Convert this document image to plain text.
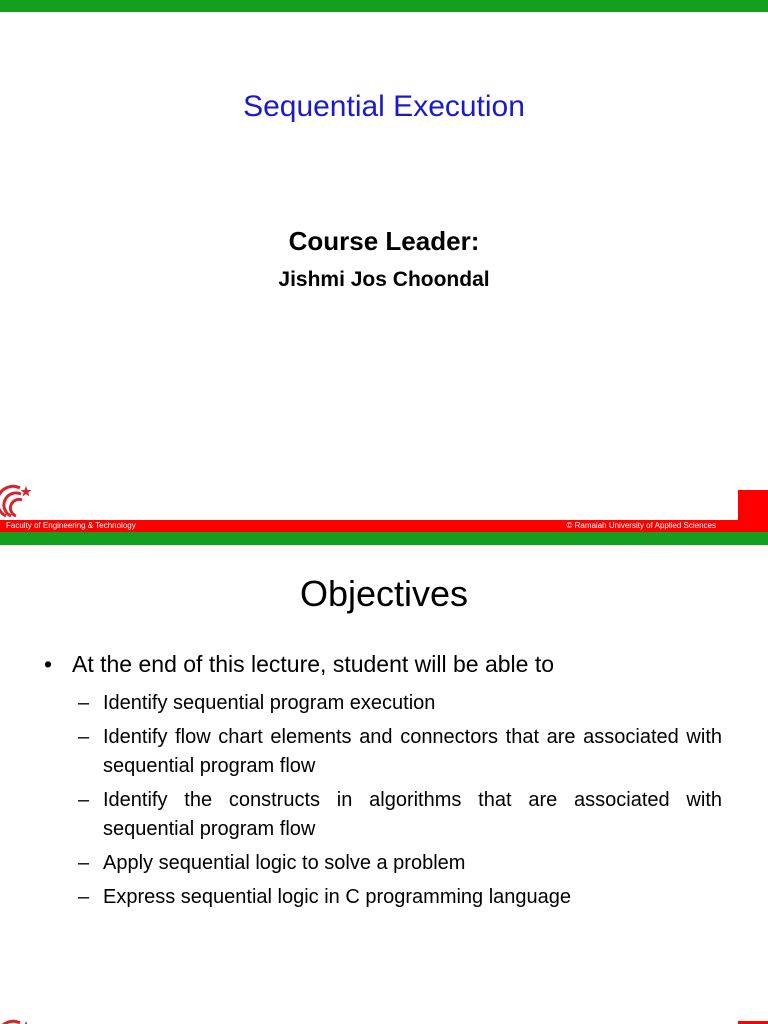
Sequential Execution
Course Leader:
Jishmi Jos Choondal
Faculty of Engineering & Technology	© Ramaiah University of Applied Sciences
Objectives
• At the end of this lecture, student will be able to
– Identify sequential program execution
– Identify flow chart elements and connectors that are associated with sequential program flow
– Identify the constructs in algorithms that are associated with sequential program flow
– Apply sequential logic to solve a problem
– Express sequential logic in C programming language
